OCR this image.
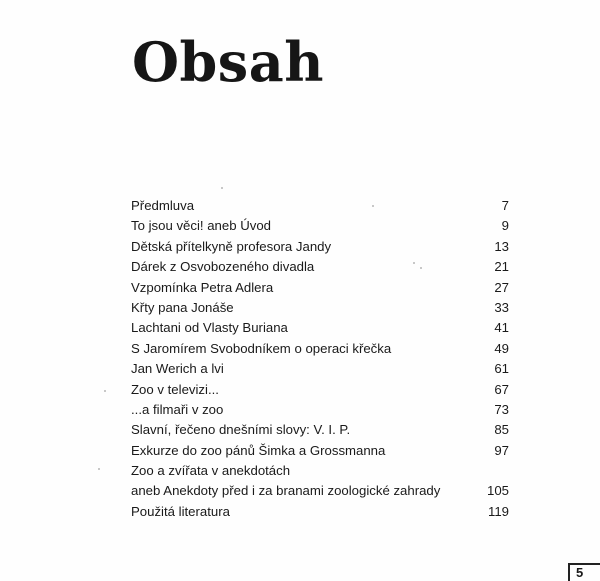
Obsah
Předmluva	7
To jsou věci! aneb Úvod	9
Dětská přítelkyně profesora Jandy	13
Dárek z Osvobozeného divadla	21
Vzpomínka Petra Adlera	27
Křty pana Jonáše	33
Lachtani od Vlasty Buriana	41
S Jaromírem Svobodníkem o operaci křečka	49
Jan Werich a lvi	61
Zoo v televizi...	67
...a filmaři v zoo	73
Slavní, řečeno dnešními slovy: V. I. P.	85
Exkurze do zoo pánů Šimka a Grossmanna	97
Zoo a zvířata v anekdotách
aneb Anekdoty před i za branami zoologické zahrady	105
Použitá literatura	119
5
